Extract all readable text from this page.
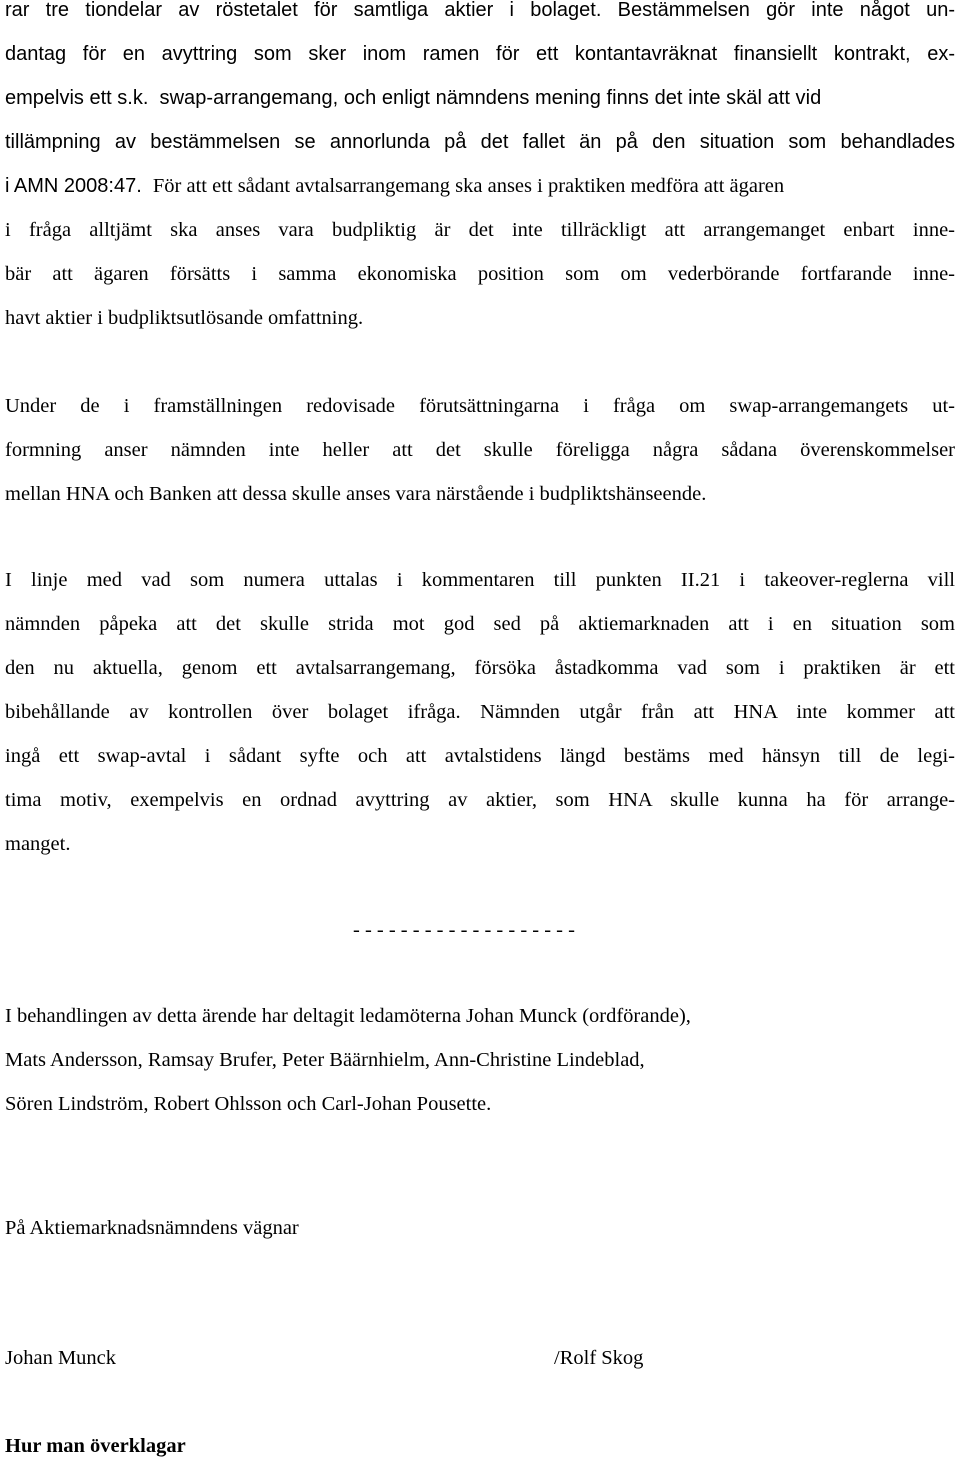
rar tre tiondelar av röstetalet för samtliga aktier i bolaget. Bestämmelsen gör inte något un-
dantag för en avyttring som sker inom ramen för ett kontantavräknat finansiellt kontrakt, ex-
empelvis ett s.k. swap-arrangemang, och enligt nämndens mening finns det inte skäl att vid
tillämpning av bestämmelsen se annorlunda på det fallet än på den situation som behandlades
i AMN 2008:47. För att ett sådant avtalsarrangemang ska anses i praktiken medföra att ägaren
i fråga alltjämt ska anses vara budpliktig är det inte tillräckligt att arrangemanget enbart inne-
bär att ägaren försätts i samma ekonomiska position som om vederbörande fortfarande inne-
havt aktier i budpliktsutlösande omfattning.
Under de i framställningen redovisade förutsättningarna i fråga om swap-arrangemangets ut-
formning anser nämnden inte heller att det skulle föreligga några sådana överenskommelser
mellan HNA och Banken att dessa skulle anses vara närstående i budpliktshänseende.
I linje med vad som numera uttalas i kommentaren till punkten II.21 i takeover-reglerna vill
nämnden påpeka att det skulle strida mot god sed på aktiemarknaden att i en situation som
den nu aktuella, genom ett avtalsarrangemang, försöka åstadkomma vad som i praktiken är ett
bibehållande av kontrollen över bolaget ifråga. Nämnden utgår från att HNA inte kommer att
ingå ett swap-avtal i sådant syfte och att avtalstidens längd bestäms med hänsyn till de legi-
tima motiv, exempelvis en ordnad avyttring av aktier, som HNA skulle kunna ha för arrange-
manget.
- - - - - - - - - - - - - - - - - - -
I behandlingen av detta ärende har deltagit ledamöterna Johan Munck (ordförande),
Mats Andersson, Ramsay Brufer, Peter Bäärnhielm, Ann-Christine Lindeblad,
Sören Lindström, Robert Ohlsson och Carl-Johan Pousette.
På Aktiemarknadsnämndens vägnar
Johan Munck	/Rolf Skog
Hur man överklagar
